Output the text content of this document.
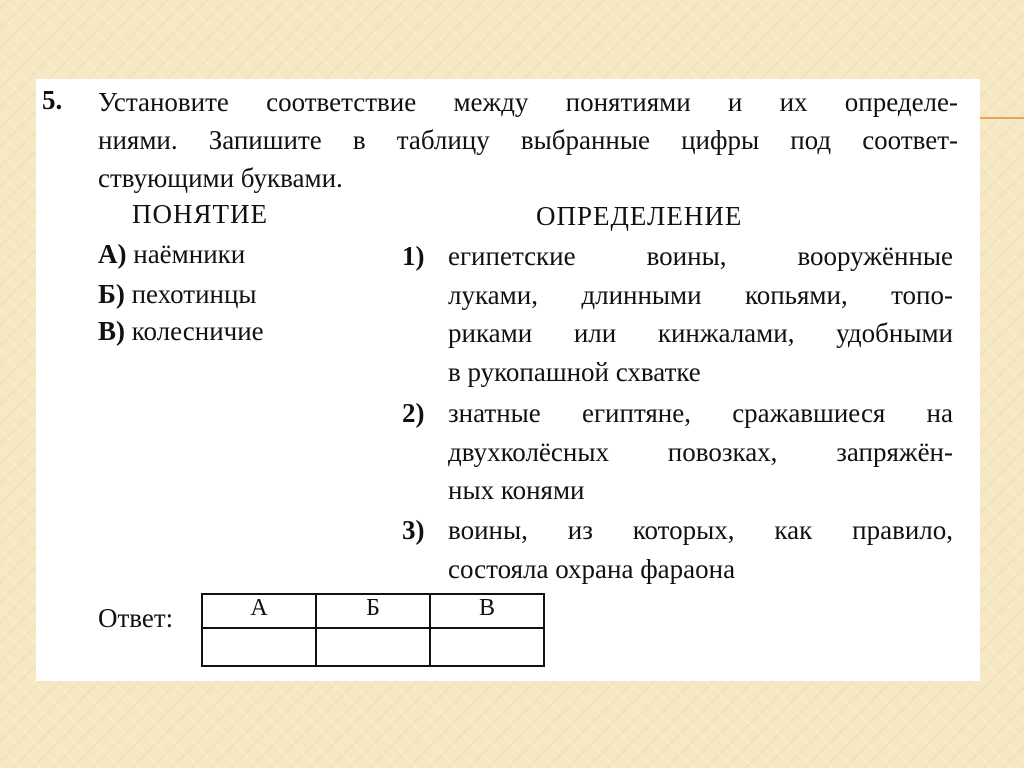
5. Установите соответствие между понятиями и их определе-
ниями. Запишите в таблицу выбранные цифры под соответ-
ствующими буквами.
ПОНЯТИЕ	ОПРЕДЕЛЕНИЕ
А) наёмники
Б) пехотинцы
В) колесничие
1) египетские воины, вооружённые
луками, длинными копьями, топо-
риками или кинжалами, удобными
в рукопашной схватке
2) знатные египтяне, сражавшиеся на
двухколёсных повозках, запряжён-
ных конями
3) воины, из которых, как правило,
состояла охрана фараона
Ответ:	А	Б	В
